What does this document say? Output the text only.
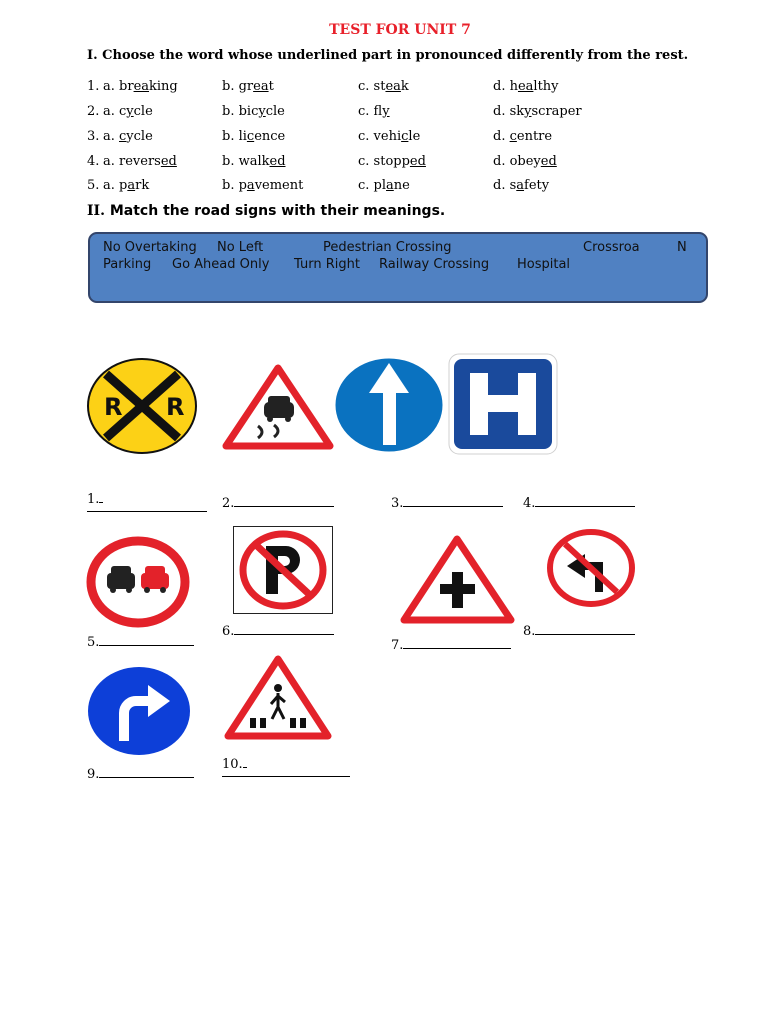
TEST FOR UNIT 7
I. Choose the word whose underlined part in pronounced differently from the rest.
1. a. breaking	b. great	c. steak	d. healthy
2. a. cycle	b. bicycle	c. fly	d. skyscraper
3. a. cycle	b. licence	c. vehicle	d. centre
4. a. reversed	b. walked	c. stopped	d. obeyed
5. a. park	b. pavement	c. plane	d. safety
II. Match the road signs with their meanings.
No Overtaking No Left	Pedestrian Crossing	Crossroa	N
Parking Go Ahead Only Turn Right Railway Crossing Hospital
R R
1.	2.	3.	4.
5.
6.
7.
8.
9.
10.
